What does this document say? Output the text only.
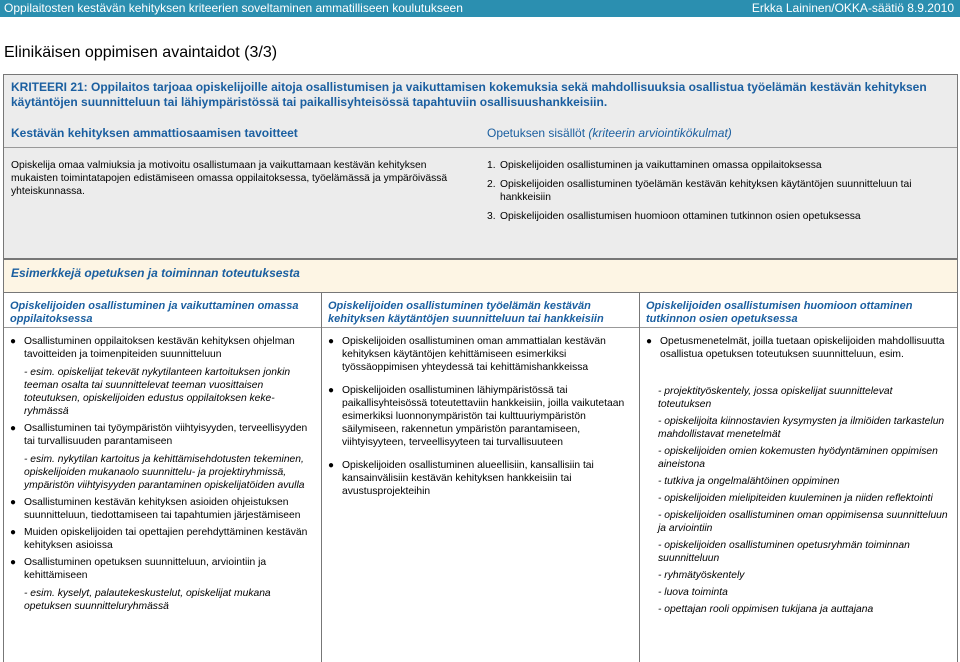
Oppilaitosten kestävän kehityksen kriteerien soveltaminen ammatilliseen koulutukseen	Erkka Laininen/OKKA-säätiö 8.9.2010
Elinikäisen oppimisen avaintaidot (3/3)
KRITEERI 21: Oppilaitos tarjoaa opiskelijoille aitoja osallistumisen ja vaikuttamisen kokemuksia sekä mahdollisuuksia osallistua työelämän kestävän kehityksen käytäntöjen suunnitteluun tai lähiympäristössä tai paikallisyhteisössä tapahtuviin osallisuushankkeisiin.
Kestävän kehityksen ammattiosaamisen tavoitteet	Opetuksen sisällöt (kriteerin arviointikökulmat)
Opiskelija omaa valmiuksia ja motivoitu osallistumaan ja vaikuttamaan kestävän kehityksen mukaisten toimintatapojen edistämiseen omassa oppilaitoksessa, työelämässä ja ympäröivässä yhteiskunnassa.
1. Opiskelijoiden osallistuminen ja vaikuttaminen omassa oppilaitoksessa
2. Opiskelijoiden osallistuminen työelämän kestävän kehityksen käytäntöjen suunnitteluun tai hankkeisiin
3. Opiskelijoiden osallistumisen huomioon ottaminen tutkinnon osien opetuksessa
Esimerkkejä opetuksen ja toiminnan toteutuksesta
Opiskelijoiden osallistuminen ja vaikuttaminen omassa oppilaitoksessa
● Osallistuminen oppilaitoksen kestävän kehityksen ohjelman tavoitteiden ja toimenpiteiden suunnitteluun
- esim. opiskelijat tekevät nykytilanteen kartoituksen jonkin teeman osalta tai suunnittelevat teeman vuosittaisen toteutuksen, opiskelijoiden edustus oppilaitoksen keke-ryhmässä
● Osallistuminen tai työympäristön viihtyisyyden, terveellisyyden tai turvallisuuden parantamiseen
- esim. nykytilan kartoitus ja kehittämisehdotusten tekeminen, opiskelijoiden mukanaolo suunnittelu- ja projektiryhmissä, ympäristön viihtyisyyden parantaminen opiskelijatöiden avulla
● Osallistuminen kestävän kehityksen asioiden ohjeistuksen suunnitteluun, tiedottamiseen tai tapahtumien järjestämiseen
● Muiden opiskelijoiden tai opettajien perehdyttäminen kestävän kehityksen asioissa
● Osallistuminen opetuksen suunnitteluun, arviointiin ja kehittämiseen
- esim. kyselyt, palautekeskustelut, opiskelijat mukana opetuksen suunnitteluryhmässä
Opiskelijoiden osallistuminen työelämän kestävän kehityksen käytäntöjen suunnitteluun tai hankkeisiin
● Opiskelijoiden osallistuminen oman ammattialan kestävän kehityksen käytäntöjen kehittämiseen esimerkiksi työssäoppimisen yhteydessä tai kehittämishankkeissa
● Opiskelijoiden osallistuminen lähiympäristössä tai paikallisyhteisössä toteutettaviin hankkeisiin, joilla vaikutetaan esimerkiksi luonnonympäristön tai kulttuuriympäristön säilymiseen, rakennetun ympäristön parantamiseen, viihtyisyyteen, terveellisyyteen tai turvallisuuteen
● Opiskelijoiden osallistuminen alueellisiin, kansallisiin tai kansainvälisiin kestävän kehityksen hankkeisiin tai avustusprojekteihin
Opiskelijoiden osallistumisen huomioon ottaminen tutkinnon osien opetuksessa
● Opetusmenetelmät, joilla tuetaan opiskelijoiden mahdollisuutta osallistua opetuksen toteutuksen suunnitteluun, esim.
- projektityöskentely, jossa opiskelijat suunnittelevat toteutuksen
- opiskelijoita kiinnostavien kysymysten ja ilmiöiden tarkastelun mahdollistavat menetelmät
- opiskelijoiden omien kokemusten hyödyntäminen oppimisen aineistona
- tutkiva ja ongelmalähtöinen oppiminen
- opiskelijoiden mielipiteiden kuuleminen ja niiden reflektointi
- opiskelijoiden osallistuminen oman oppimisensa suunnitteluun ja arviointiin
- opiskelijoiden osallistuminen opetusryhmän toiminnan suunnitteluun
- ryhmätyöskentely
- luova toiminta
- opettajan rooli oppimisen tukijana ja auttajana
